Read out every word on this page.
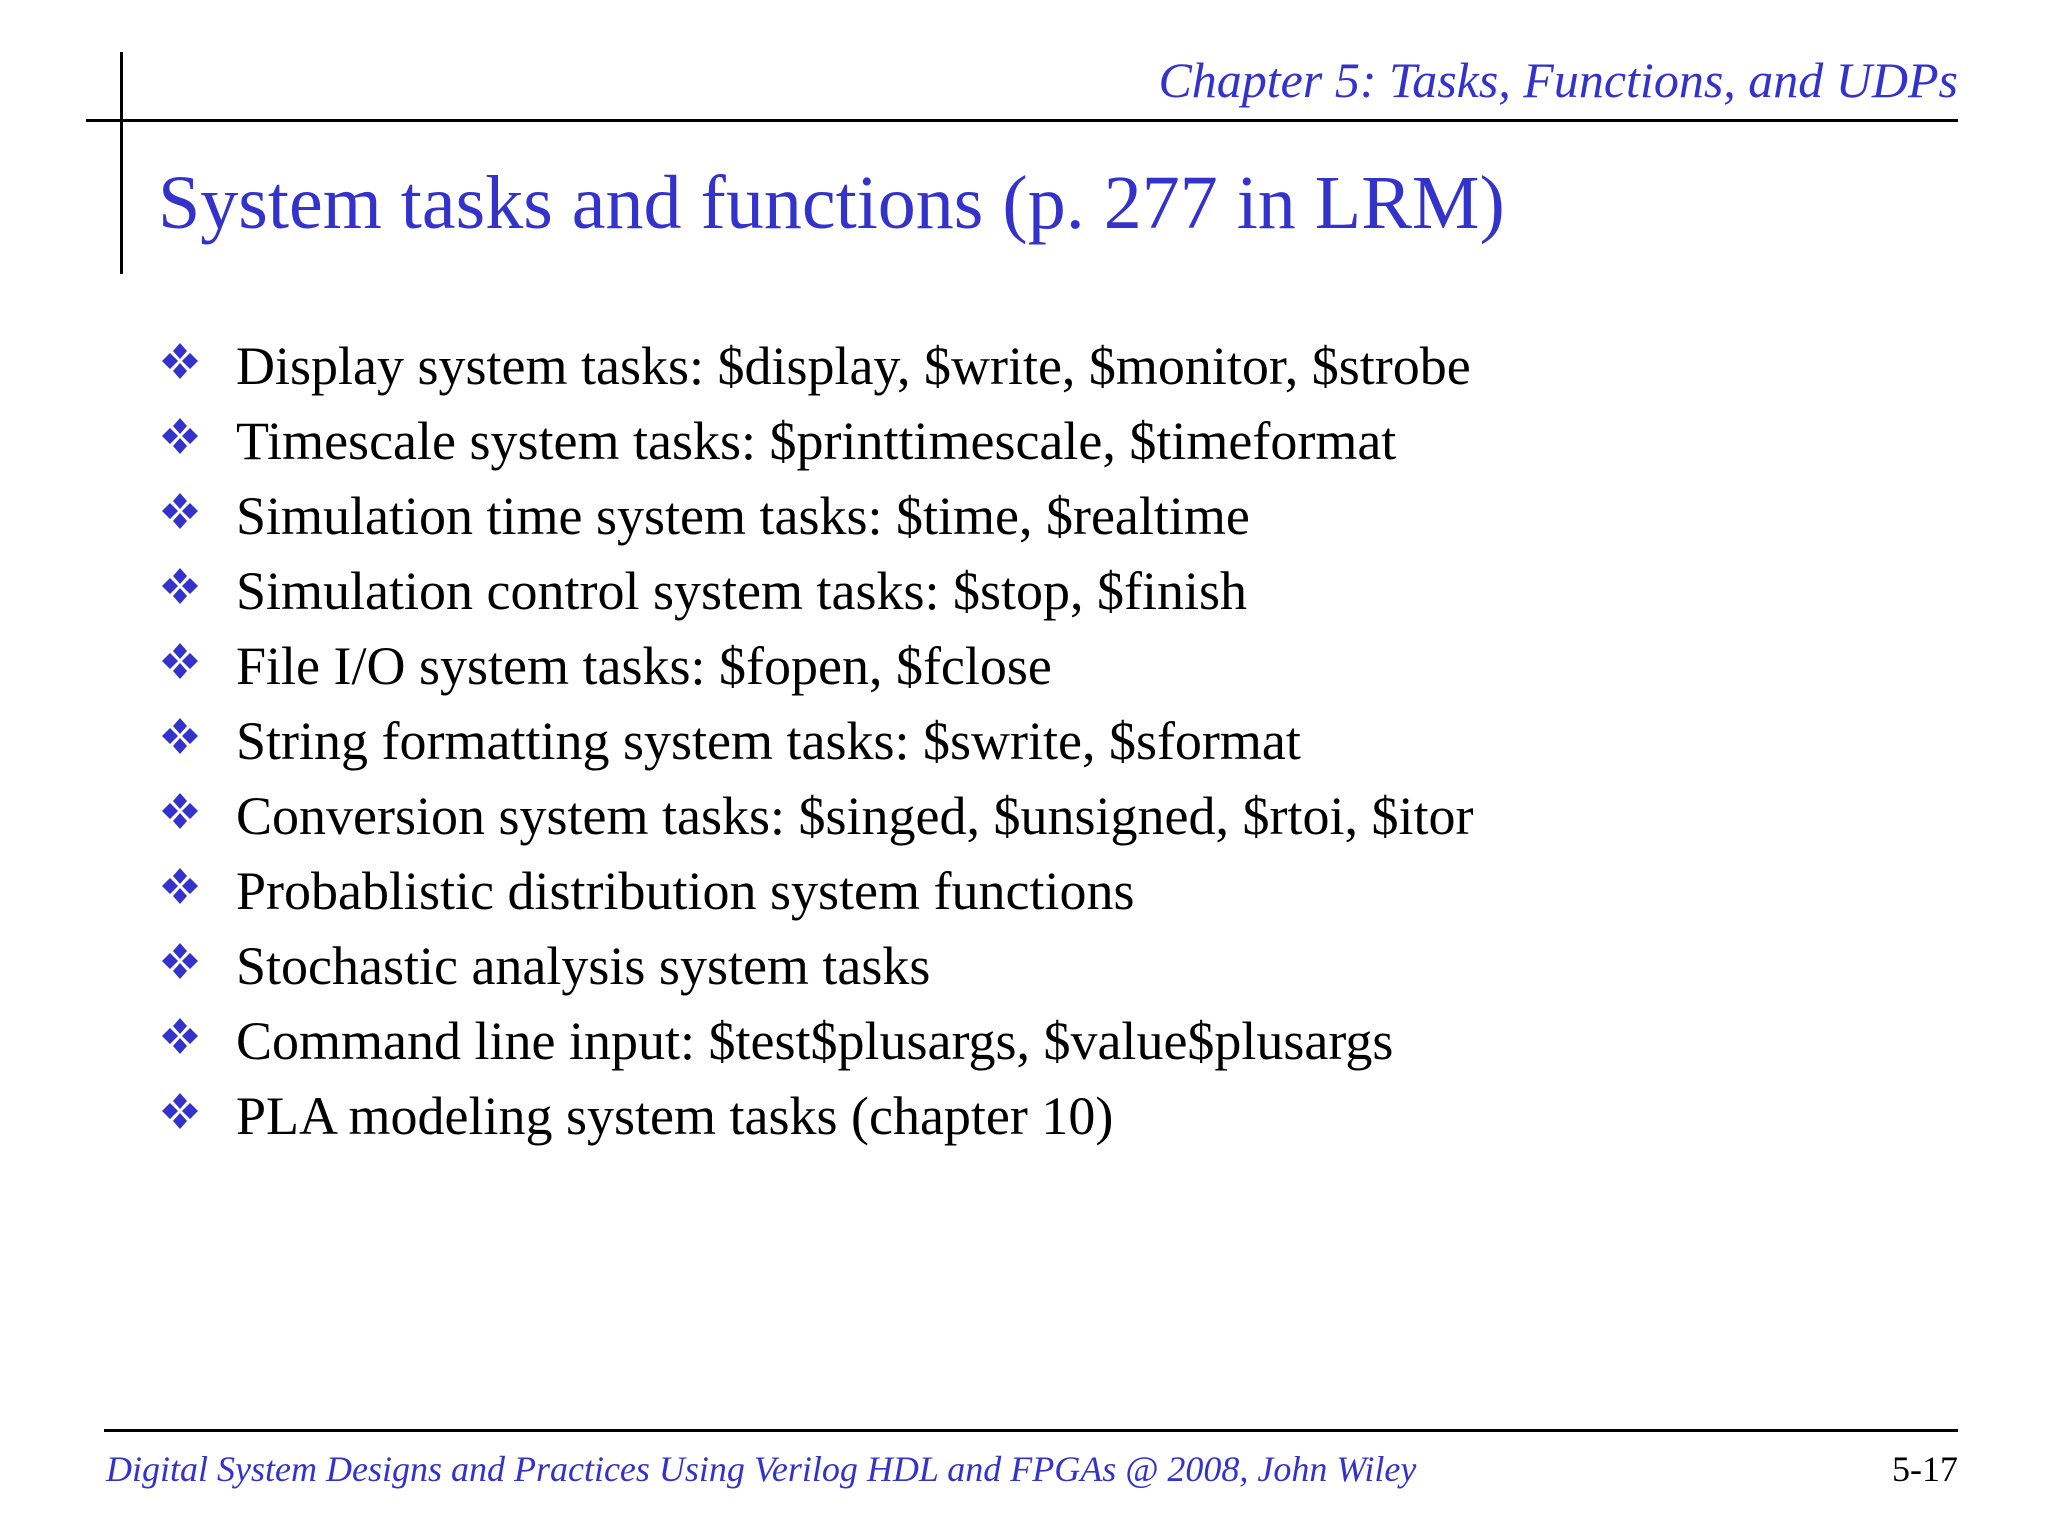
Chapter 5: Tasks, Functions, and UDPs
System tasks and functions (p. 277 in LRM)
Display system tasks: $display, $write, $monitor, $strobe
Timescale system tasks: $printtimescale, $timeformat
Simulation time system tasks: $time, $realtime
Simulation control system tasks: $stop, $finish
File I/O system tasks: $fopen, $fclose
String formatting system tasks: $swrite, $sformat
Conversion system tasks: $singed, $unsigned, $rtoi, $itor
Probablistic distribution system functions
Stochastic analysis system tasks
Command line input: $test$plusargs, $value$plusargs
PLA modeling system tasks (chapter 10)
Digital System Designs and Practices Using Verilog HDL and FPGAs @ 2008, John Wiley	5-17
